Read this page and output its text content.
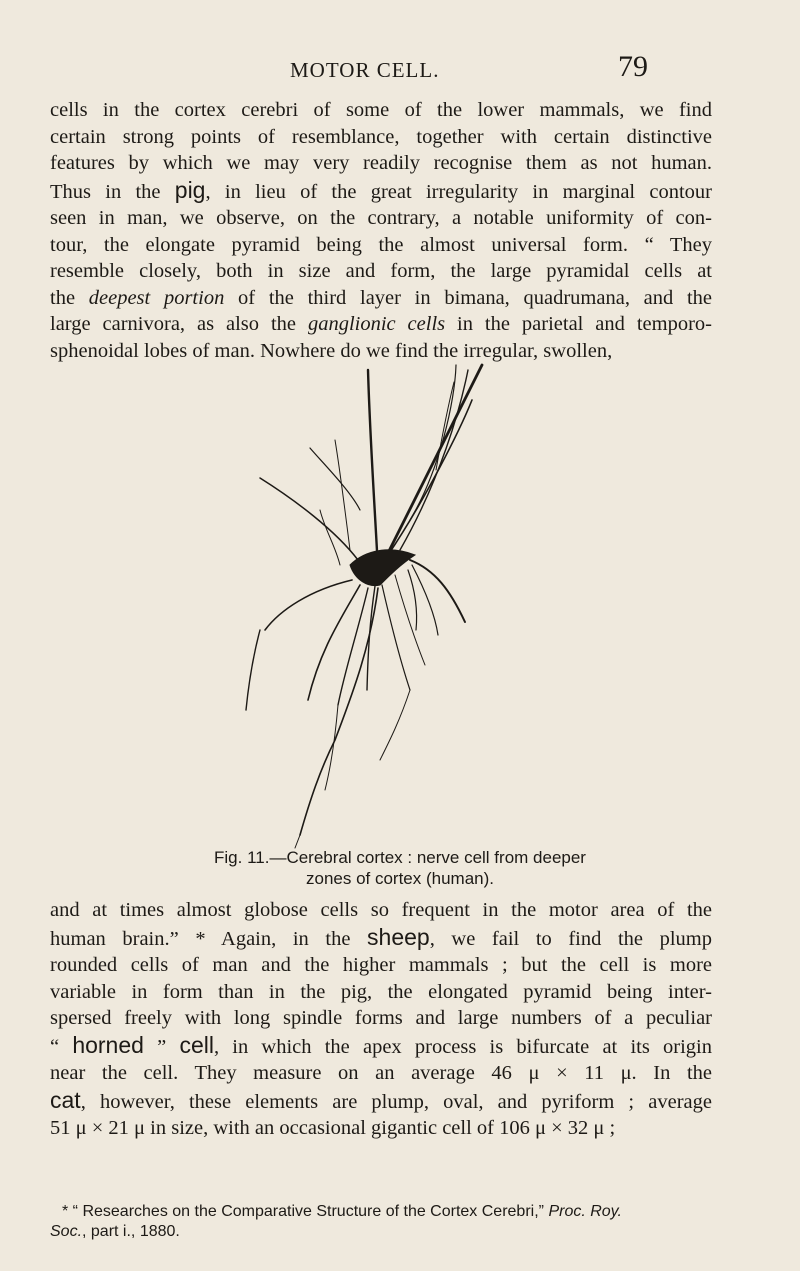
MOTOR CELL.	79
cells in the cortex cerebri of some of the lower mammals, we find
certain strong points of resemblance, together with certain distinctive
features by which we may very readily recognise them as not human.
Thus in the pig, in lieu of the great irregularity in marginal contour
seen in man, we observe, on the contrary, a notable uniformity of con-
tour, the elongate pyramid being the almost universal form. “ They
resemble closely, both in size and form, the large pyramidal cells at
the deepest portion of the third layer in bimana, quadrumana, and the
large carnivora, as also the ganglionic cells in the parietal and temporo-
sphenoidal lobes of man. Nowhere do we find the irregular, swollen,
Fig. 11.—Cerebral cortex : nerve cell from deeper
zones of cortex (human).
and at times almost globose cells so frequent in the motor area of the
human brain.” * Again, in the sheep, we fail to find the plump
rounded cells of man and the higher mammals ; but the cell is more
variable in form than in the pig, the elongated pyramid being inter-
spersed freely with long spindle forms and large numbers of a peculiar
“ horned ” cell, in which the apex process is bifurcate at its origin
near the cell. They measure on an average 46 μ × 11 μ. In the
cat, however, these elements are plump, oval, and pyriform ; average
51 μ × 21 μ in size, with an occasional gigantic cell of 106 μ × 32 μ ;
* “ Researches on the Comparative Structure of the Cortex Cerebri,” Proc. Roy.
Soc., part i., 1880.
